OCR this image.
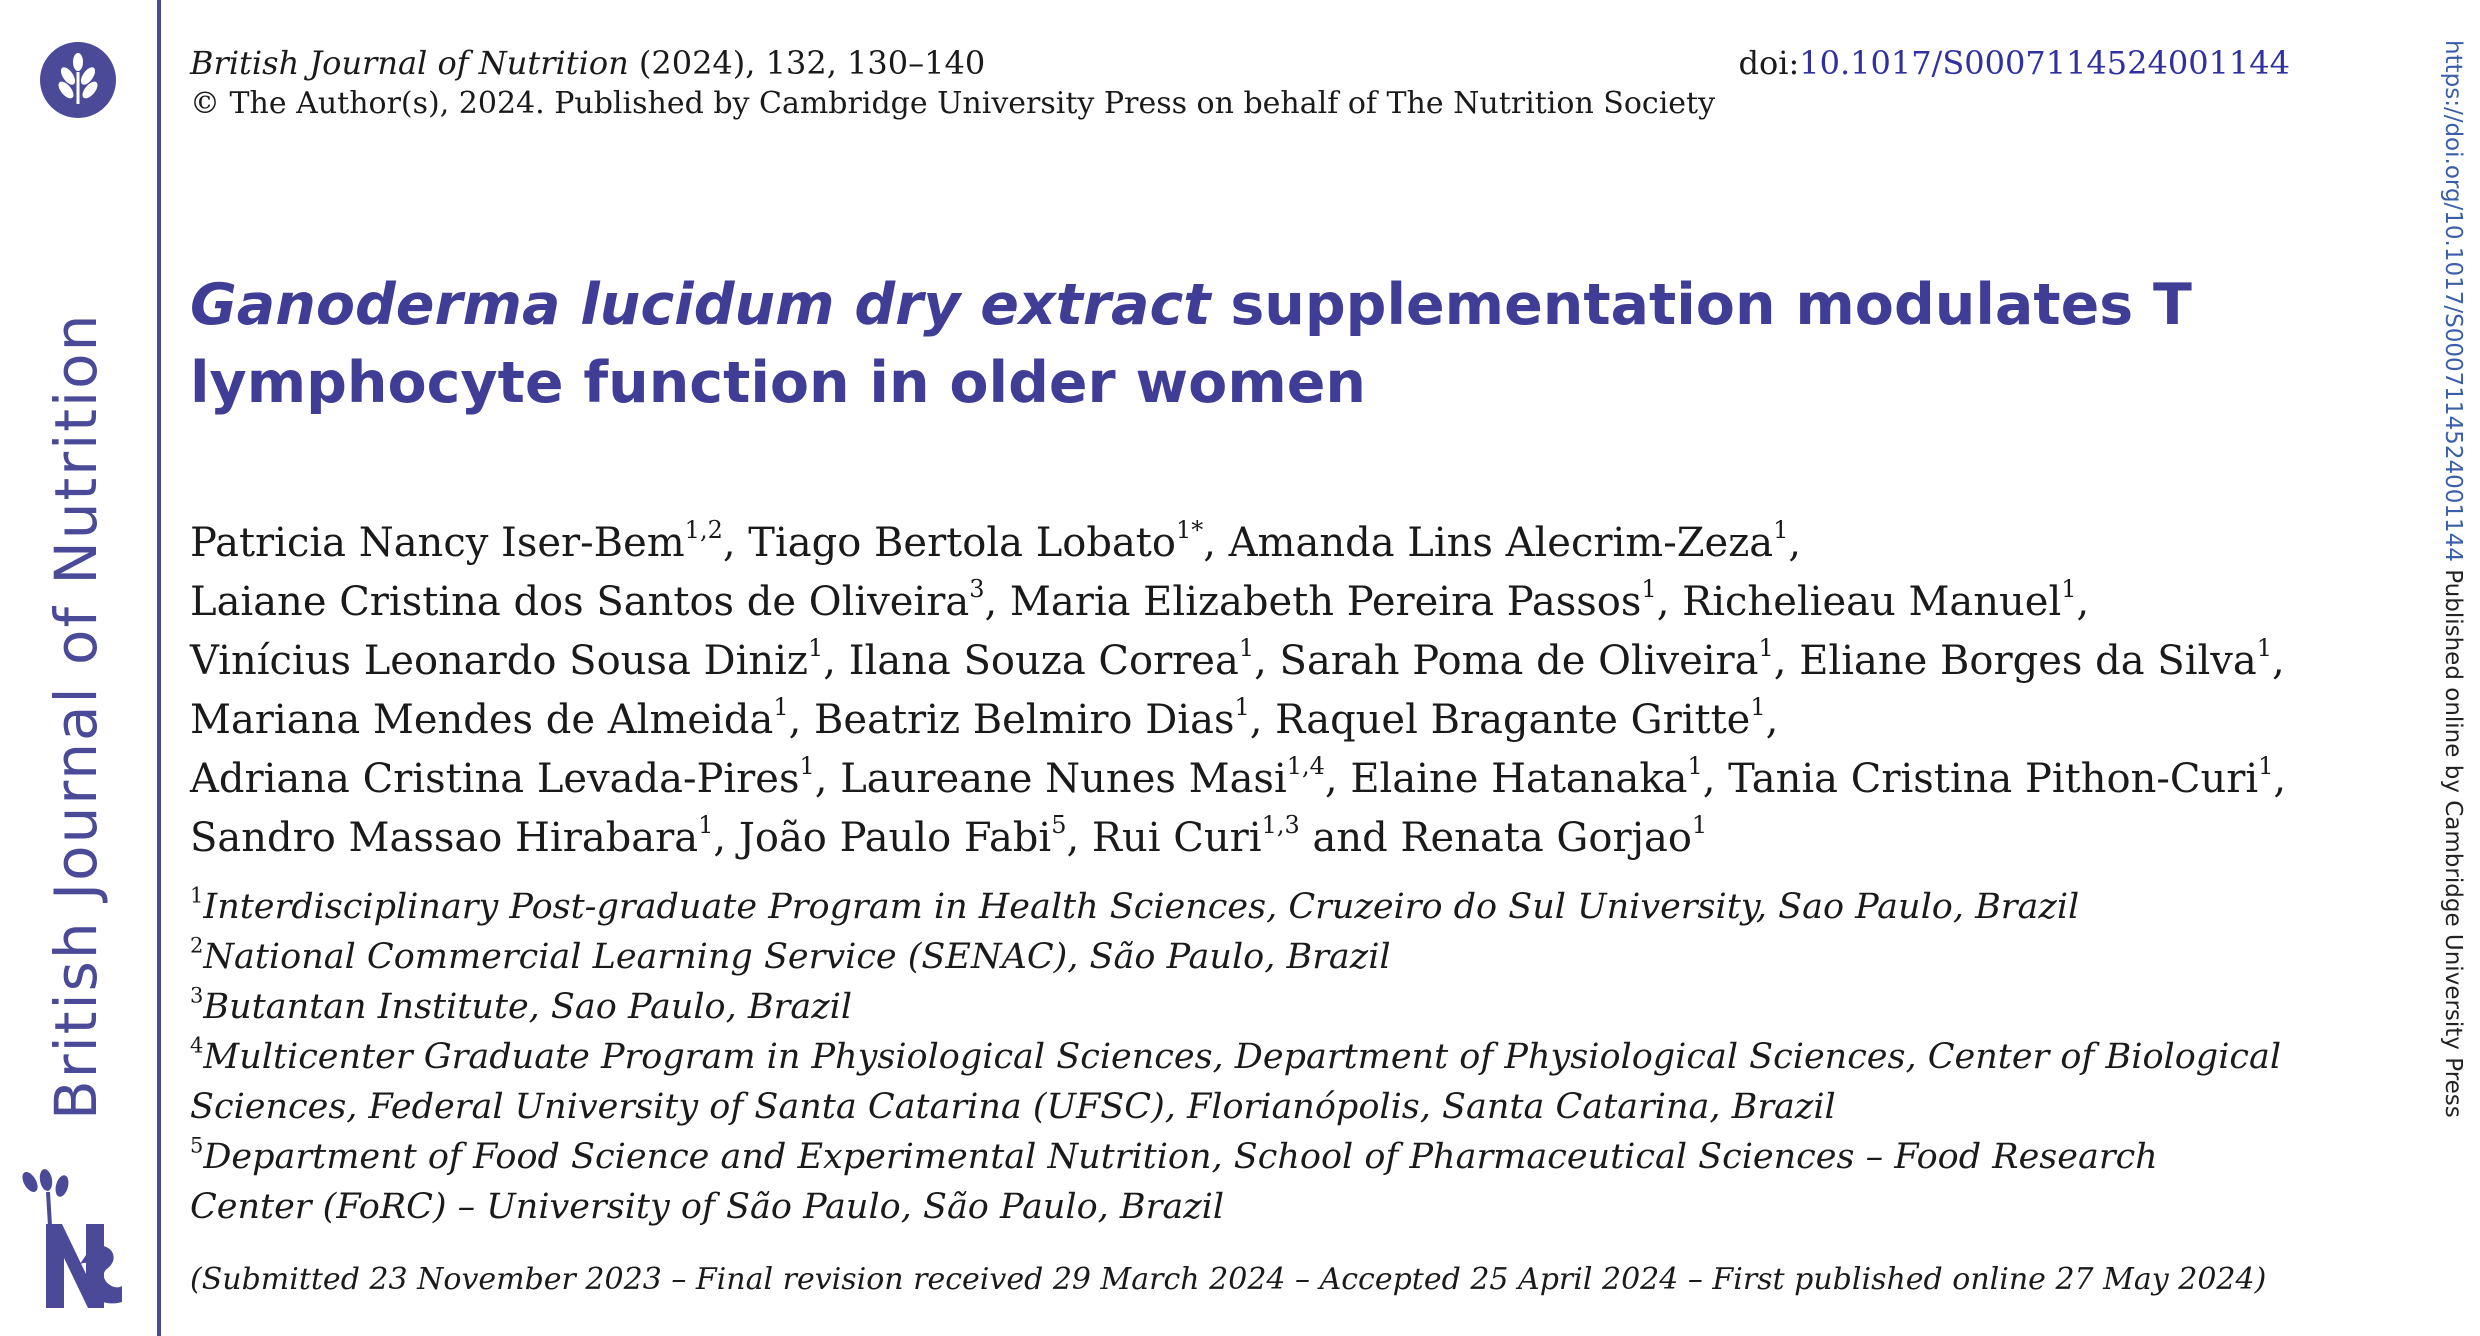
British Journal of Nutrition
British Journal of Nutrition (2024), 132, 130–140
© The Author(s), 2024. Published by Cambridge University Press on behalf of The Nutrition Society
doi:10.1017/S0007114524001144	https://doi.org/10.1017/S0007114524001144 Published online by Cambridge University Press
Ganoderma lucidum dry extract supplementation modulates T lymphocyte function in older women
Patricia Nancy Iser-Bem$^{1,2}$, Tiago Bertola Lobato$^{1*}$, Amanda Lins Alecrim-Zeza$^1$,
Laiane Cristina dos Santos de Oliveira$^3$, Maria Elizabeth Pereira Passos$^1$, Richelieau Manuel$^1$,
Vinícius Leonardo Sousa Diniz$^1$, Ilana Souza Correa$^1$, Sarah Poma de Oliveira$^1$, Eliane Borges da Silva$^1$,
Mariana Mendes de Almeida$^1$, Beatriz Belmiro Dias$^1$, Raquel Bragante Gritte$^1$,
Adriana Cristina Levada-Pires$^1$, Laureane Nunes Masi$^{1,4}$, Elaine Hatanaka$^1$, Tania Cristina Pithon-Curi$^1$,
Sandro Massao Hirabara$^1$, João Paulo Fabi$^5$, Rui Curi$^{1,3}$ and Renata Gorjao$^1$
$^1$Interdisciplinary Post-graduate Program in Health Sciences, Cruzeiro do Sul University, Sao Paulo, Brazil
$^2$National Commercial Learning Service (SENAC), São Paulo, Brazil
$^3$Butantan Institute, Sao Paulo, Brazil
$^4$Multicenter Graduate Program in Physiological Sciences, Department of Physiological Sciences, Center of Biological
Sciences, Federal University of Santa Catarina (UFSC), Florianópolis, Santa Catarina, Brazil
$^5$Department of Food Science and Experimental Nutrition, School of Pharmaceutical Sciences – Food Research
Center (FoRC) – University of São Paulo, São Paulo, Brazil
(Submitted 23 November 2023 – Final revision received 29 March 2024 – Accepted 25 April 2024 – First published online 27 May 2024)
